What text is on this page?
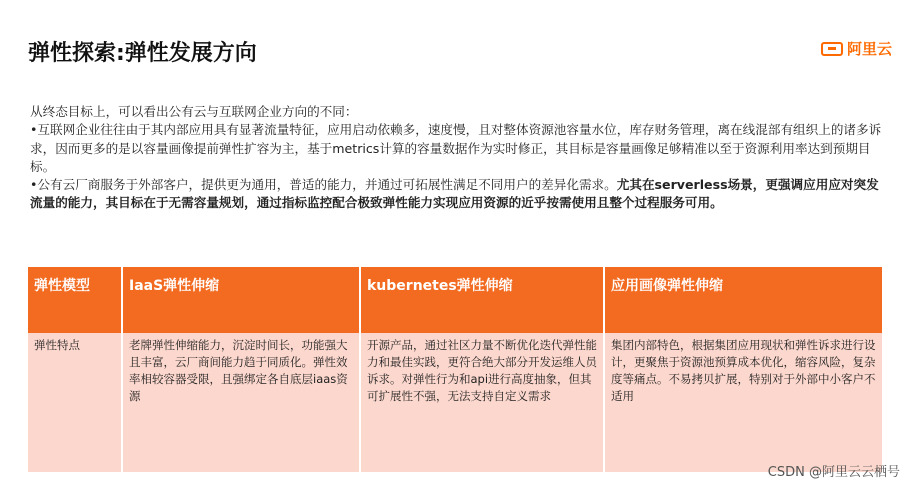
弹性探索:弹性发展方向	阿里云

从终态目标上，可以看出公有云与互联网企业方向的不同：

•互联网企业往往由于其内部应用具有显著流量特征，应用启动依赖多，速度慢，且对整体资源池容量水位，库存财务管理，离在线混部有组织上的诸多诉求，因而更多的是以容量画像提前弹性扩容为主，基于metrics计算的容量数据作为实时修正，其目标是容量画像足够精准以至于资源利用率达到预期目标。

•公有云厂商服务于外部客户，提供更为通用，普适的能力，并通过可拓展性满足不同用户的差异化需求。尤其在serverless场景，更强调应用应对突发流量的能力，其目标在于无需容量规划，通过指标监控配合极致弹性能力实现应用资源的近乎按需使用且整个过程服务可用。

弹性模型	IaaS弹性伸缩	kubernetes弹性伸缩	应用画像弹性伸缩
弹性特点	老牌弹性伸缩能力，沉淀时间长，功能强大且丰富，云厂商间能力趋于同质化。弹性效率相较容器受限，且强绑定各自底层iaas资源	开源产品，通过社区力量不断优化迭代弹性能力和最佳实践，更符合绝大部分开发运维人员诉求。对弹性行为和api进行高度抽象，但其可扩展性不强，无法支持自定义需求	集团内部特色，根据集团应用现状和弹性诉求进行设计，更聚焦于资源池预算成本优化，缩容风险，复杂度等痛点。不易拷贝扩展，特别对于外部中小客户不适用
CSDN @阿里云云栖号
